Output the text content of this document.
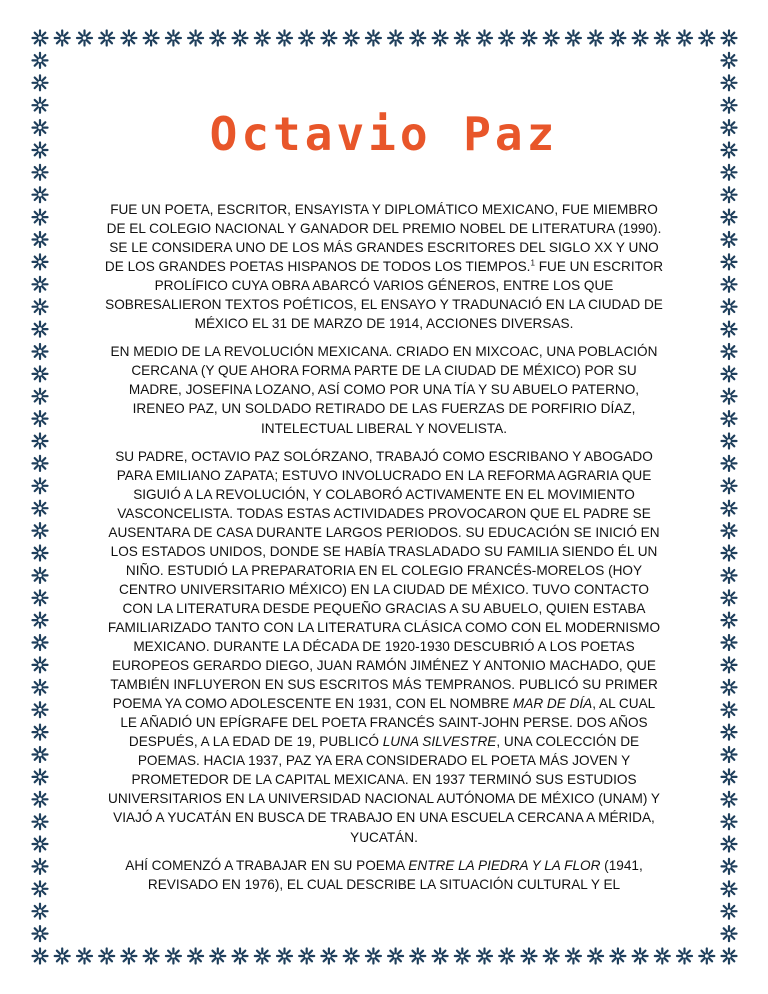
Octavio Paz

FUE UN POETA, ESCRITOR, ENSAYISTA Y DIPLOMÁTICO MEXICANO, FUE MIEMBRO DE EL COLEGIO NACIONAL Y GANADOR DEL PREMIO NOBEL DE LITERATURA (1990). SE LE CONSIDERA UNO DE LOS MÁS GRANDES ESCRITORES DEL SIGLO XX Y UNO DE LOS GRANDES POETAS HISPANOS DE TODOS LOS TIEMPOS.$^1$ FUE UN ESCRITOR PROLÍFICO CUYA OBRA ABARCÓ VARIOS GÉNEROS, ENTRE LOS QUE SOBRESALIERON TEXTOS POÉTICOS, EL ENSAYO Y TRADUNACIÓ EN LA CIUDAD DE MÉXICO EL 31 DE MARZO DE 1914, ACCIONES DIVERSAS.

EN MEDIO DE LA REVOLUCIÓN MEXICANA. CRIADO EN MIXCOAC, UNA POBLACIÓN CERCANA (Y QUE AHORA FORMA PARTE DE LA CIUDAD DE MÉXICO) POR SU MADRE, JOSEFINA LOZANO, ASÍ COMO POR UNA TÍA Y SU ABUELO PATERNO, IRENEO PAZ, UN SOLDADO RETIRADO DE LAS FUERZAS DE PORFIRIO DÍAZ, INTELECTUAL LIBERAL Y NOVELISTA.

SU PADRE, OCTAVIO PAZ SOLÓRZANO, TRABAJÓ COMO ESCRIBANO Y ABOGADO PARA EMILIANO ZAPATA; ESTUVO INVOLUCRADO EN LA REFORMA AGRARIA QUE SIGUIÓ A LA REVOLUCIÓN, Y COLABORÓ ACTIVAMENTE EN EL MOVIMIENTO VASCONCELISTA. TODAS ESTAS ACTIVIDADES PROVOCARON QUE EL PADRE SE AUSENTARA DE CASA DURANTE LARGOS PERIODOS. SU EDUCACIÓN SE INICIÓ EN LOS ESTADOS UNIDOS, DONDE SE HABÍA TRASLADADO SU FAMILIA SIENDO ÉL UN NIÑO. ESTUDIÓ LA PREPARATORIA EN EL COLEGIO FRANCÉS-MORELOS (HOY CENTRO UNIVERSITARIO MÉXICO) EN LA CIUDAD DE MÉXICO. TUVO CONTACTO CON LA LITERATURA DESDE PEQUEÑO GRACIAS A SU ABUELO, QUIEN ESTABA FAMILIARIZADO TANTO CON LA LITERATURA CLÁSICA COMO CON EL MODERNISMO MEXICANO. DURANTE LA DÉCADA DE 1920-1930 DESCUBRIÓ A LOS POETAS EUROPEOS GERARDO DIEGO, JUAN RAMÓN JIMÉNEZ Y ANTONIO MACHADO, QUE TAMBIÉN INFLUYERON EN SUS ESCRITOS MÁS TEMPRANOS. PUBLICÓ SU PRIMER POEMA YA COMO ADOLESCENTE EN 1931, CON EL NOMBRE MAR DE DÍA, AL CUAL LE AÑADIÓ UN EPÍGRAFE DEL POETA FRANCÉS SAINT-JOHN PERSE. DOS AÑOS DESPUÉS, A LA EDAD DE 19, PUBLICÓ LUNA SILVESTRE, UNA COLECCIÓN DE POEMAS. HACIA 1937, PAZ YA ERA CONSIDERADO EL POETA MÁS JOVEN Y PROMETEDOR DE LA CAPITAL MEXICANA. EN 1937 TERMINÓ SUS ESTUDIOS UNIVERSITARIOS EN LA UNIVERSIDAD NACIONAL AUTÓNOMA DE MÉXICO (UNAM) Y VIAJÓ A YUCATÁN EN BUSCA DE TRABAJO EN UNA ESCUELA CERCANA A MÉRIDA, YUCATÁN.

AHÍ COMENZÓ A TRABAJAR EN SU POEMA ENTRE LA PIEDRA Y LA FLOR (1941, REVISADO EN 1976), EL CUAL DESCRIBE LA SITUACIÓN CULTURAL Y EL
